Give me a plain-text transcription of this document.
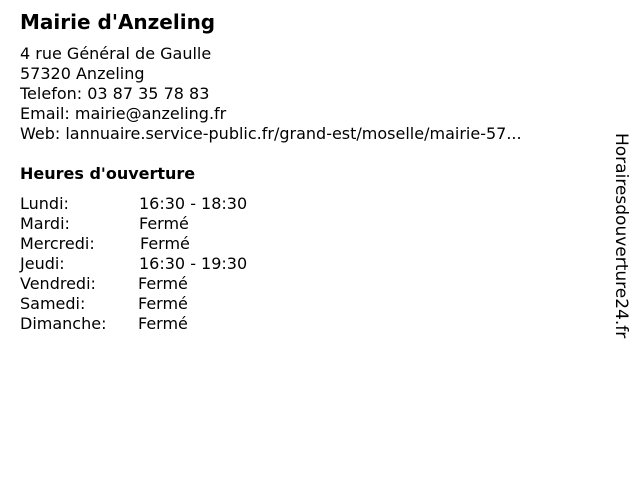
Mairie d'Anzeling
4 rue Général de Gaulle
57320 Anzeling
Telefon: 03 87 35 78 83
Email: mairie@anzeling.fr
Web: lannuaire.service-public.fr/grand-est/moselle/mairie-57...
Heures d'ouverture
Lundi:	16:30 - 18:30
Mardi:	Fermé
Mercredi:	Fermé
Jeudi:	16:30 - 19:30
Vendredi:	Fermé
Samedi:	Fermé
Dimanche: Fermé	Horairesdouverture24.fr
